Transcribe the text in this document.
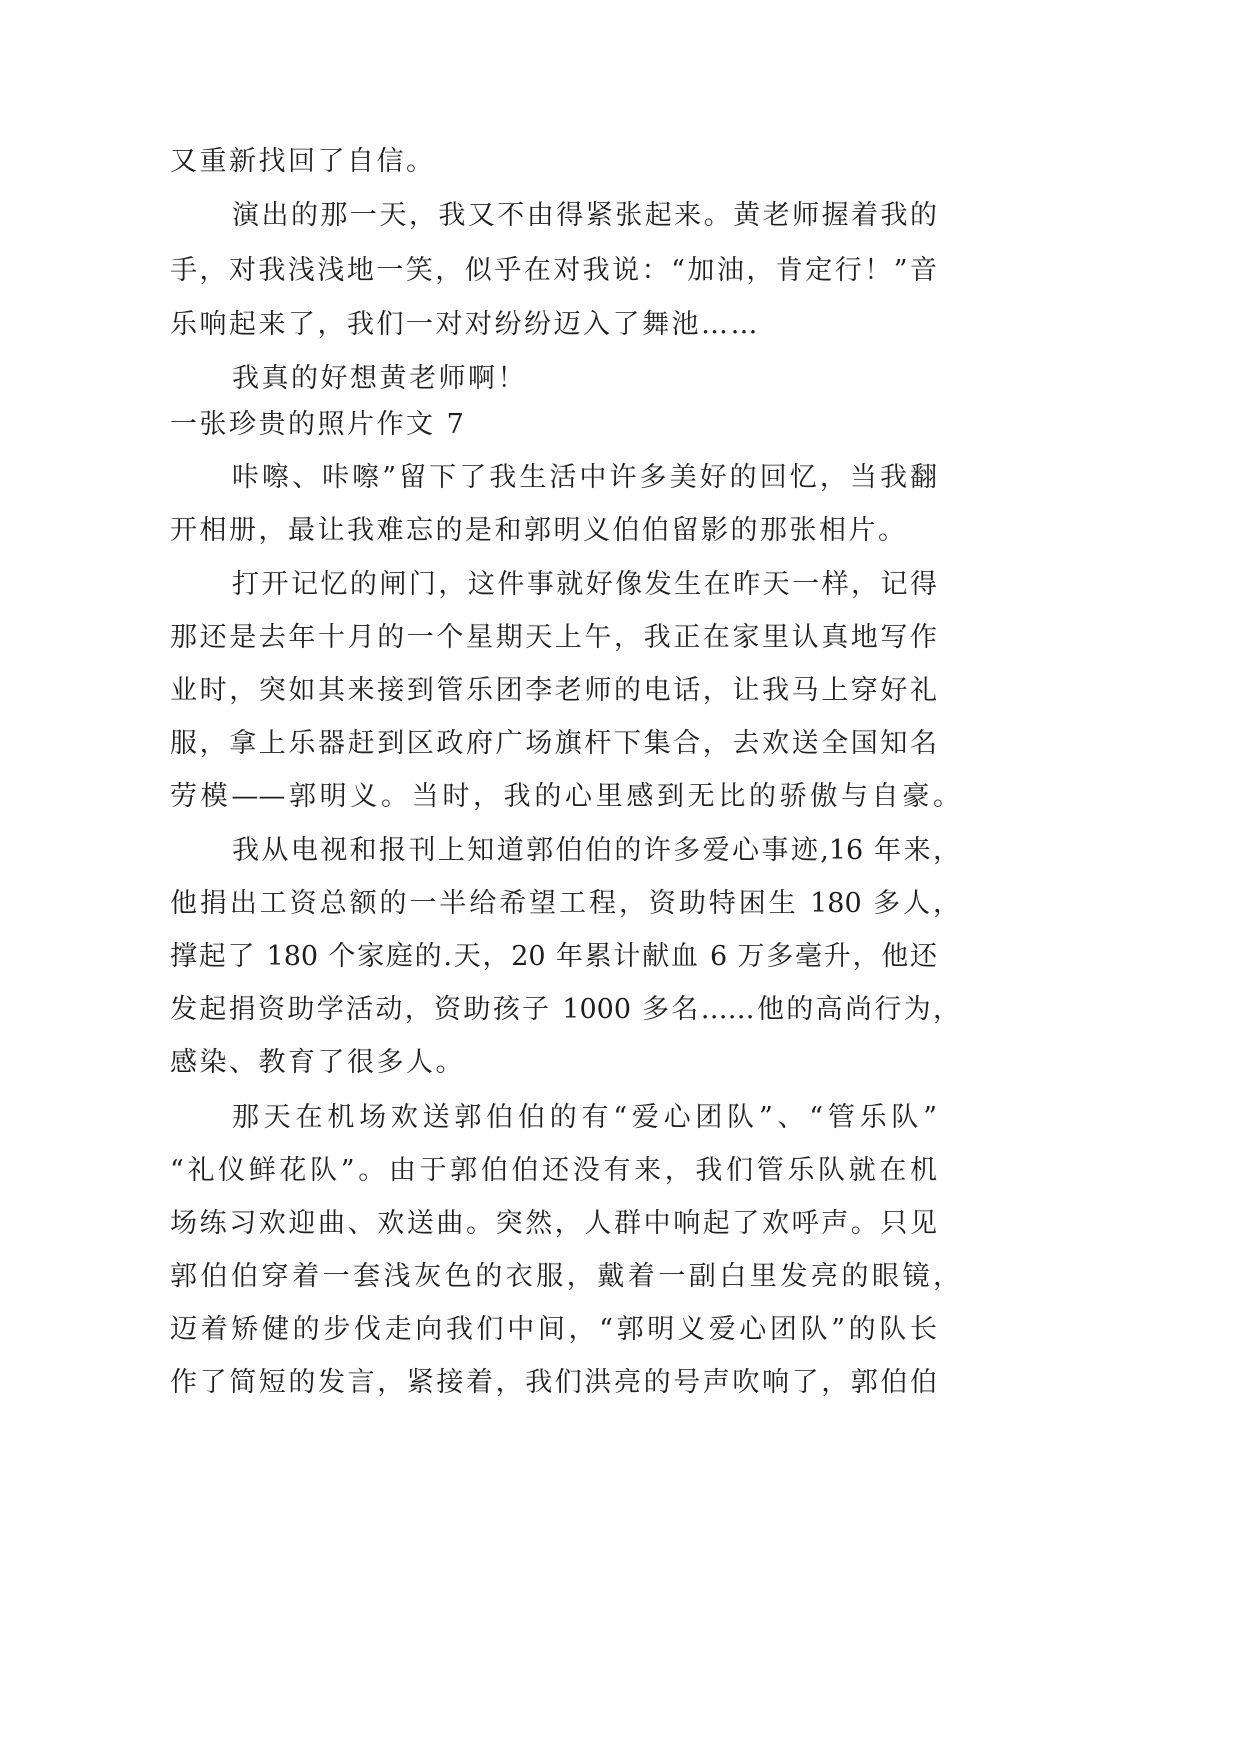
又重新找回了自信。
演出的那一天，我又不由得紧张起来。黄老师握着我的
手，对我浅浅地一笑，似乎在对我说：“加油，肯定行！”音
乐响起来了，我们一对对纷纷迈入了舞池……
我真的好想黄老师啊！
一张珍贵的照片作文 7
咔嚓、咔嚓”留下了我生活中许多美好的回忆，当我翻
开相册，最让我难忘的是和郭明义伯伯留影的那张相片。
打开记忆的闸门，这件事就好像发生在昨天一样，记得
那还是去年十月的一个星期天上午，我正在家里认真地写作
业时，突如其来接到管乐团李老师的电话，让我马上穿好礼
服，拿上乐器赶到区政府广场旗杆下集合，去欢送全国知名
劳模——郭明义。当时，我的心里感到无比的骄傲与自豪。
我从电视和报刊上知道郭伯伯的许多爱心事迹,16 年来，
他捐出工资总额的一半给希望工程，资助特困生 180 多人，
撑起了 180 个家庭的.天，20 年累计献血 6 万多毫升，他还
发起捐资助学活动，资助孩子 1000 多名……他的高尚行为，
感染、教育了很多人。
那天在机场欢送郭伯伯的有“爱心团队”、“管乐队”
“礼仪鲜花队”。由于郭伯伯还没有来，我们管乐队就在机
场练习欢迎曲、欢送曲。突然，人群中响起了欢呼声。只见
郭伯伯穿着一套浅灰色的衣服，戴着一副白里发亮的眼镜，
迈着矫健的步伐走向我们中间，“郭明义爱心团队”的队长
作了简短的发言，紧接着，我们洪亮的号声吹响了，郭伯伯
